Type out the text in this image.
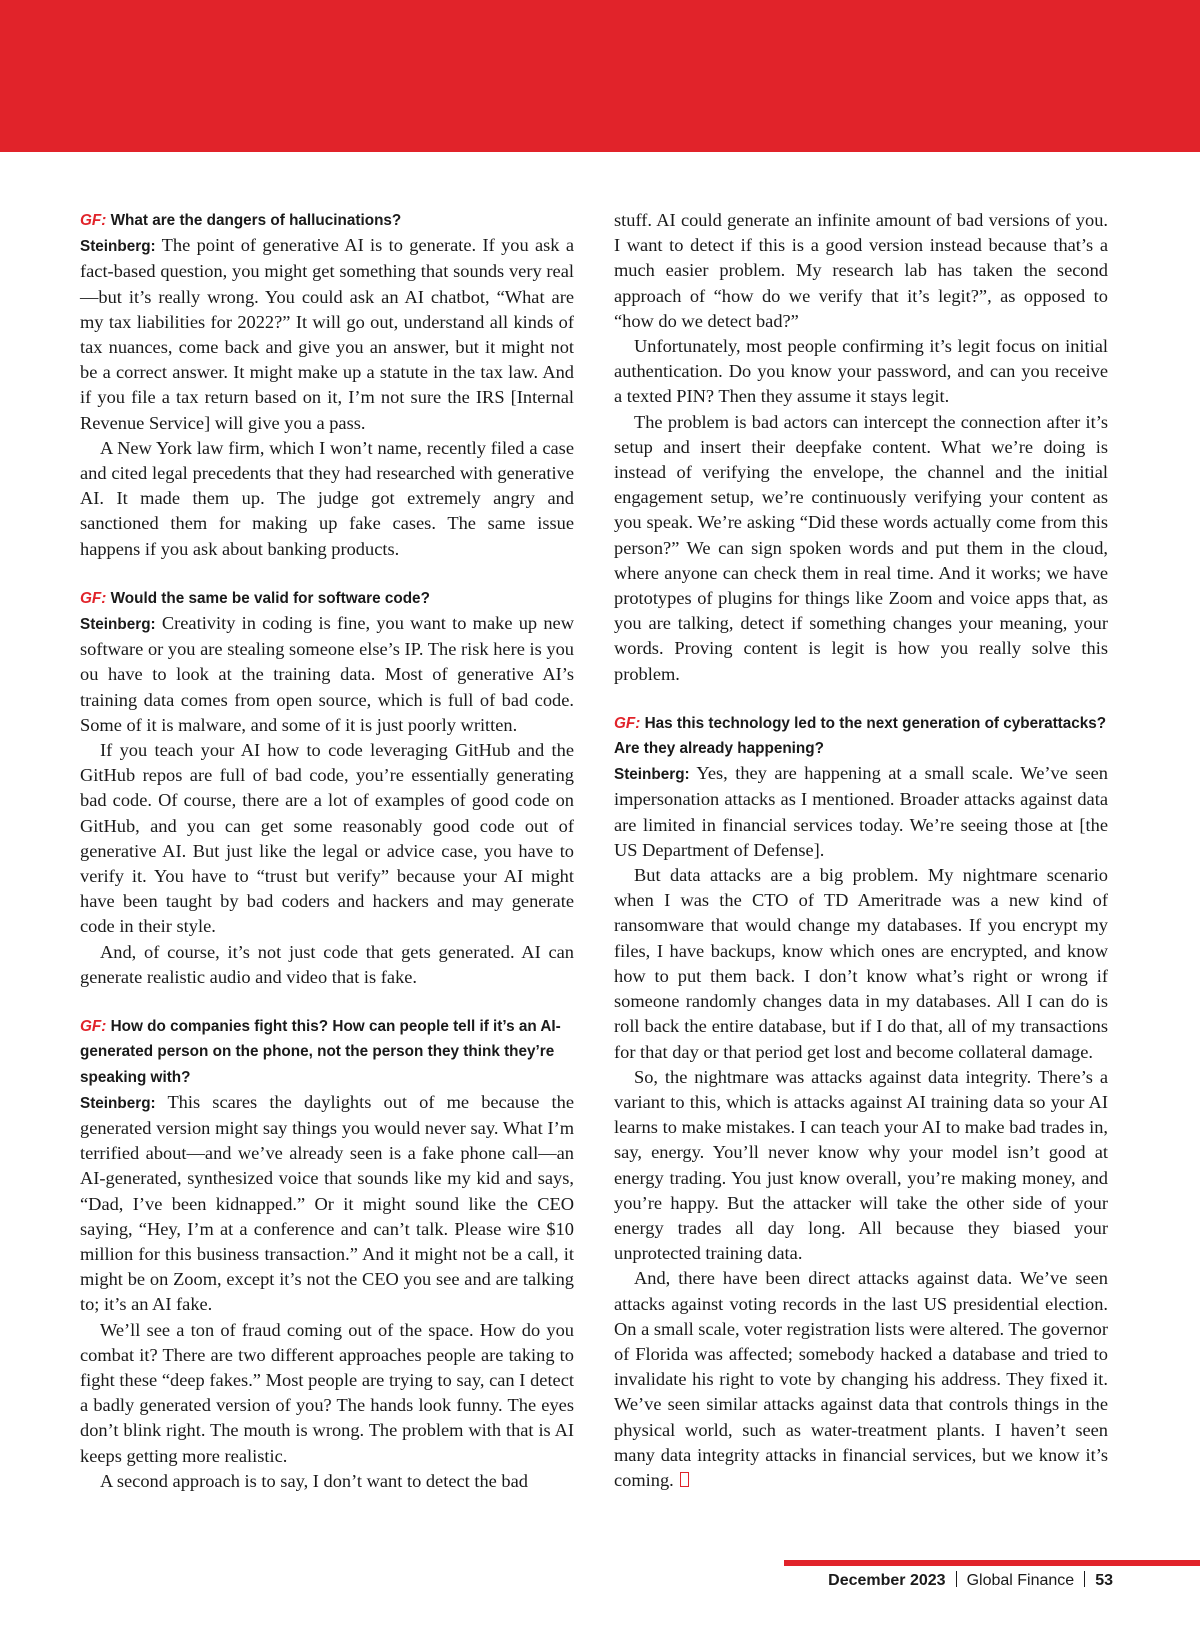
GF: What are the dangers of hallucinations?

Steinberg: The point of generative AI is to generate. If you ask a fact-based question, you might get something that sounds very real—but it’s really wrong. You could ask an AI chatbot, “What are my tax liabilities for 2022?” It will go out, understand all kinds of tax nuances, come back and give you an answer, but it might not be a correct answer. It might make up a statute in the tax law. And if you file a tax return based on it, I’m not sure the IRS [Internal Revenue Service] will give you a pass.

A New York law firm, which I won’t name, recently filed a case and cited legal precedents that they had researched with generative AI. It made them up. The judge got extremely angry and sanctioned them for making up fake cases. The same issue happens if you ask about banking products.

GF: Would the same be valid for software code?

Steinberg: Creativity in coding is fine, you want to make up new software or you are stealing someone else’s IP. The risk here is you ou have to look at the training data. Most of generative AI’s training data comes from open source, which is full of bad code. Some of it is malware, and some of it is just poorly written.

If you teach your AI how to code leveraging GitHub and the GitHub repos are full of bad code, you’re essentially generating bad code. Of course, there are a lot of examples of good code on GitHub, and you can get some reasonably good code out of generative AI. But just like the legal or advice case, you have to verify it. You have to “trust but verify” because your AI might have been taught by bad coders and hackers and may generate code in their style.

And, of course, it’s not just code that gets generated. AI can generate realistic audio and video that is fake.

GF: How do companies fight this? How can people tell if it’s an AI-generated person on the phone, not the person they think they’re speaking with?

Steinberg: This scares the daylights out of me because the generated version might say things you would never say. What I’m terrified about—and we’ve already seen is a fake phone call—an AI-generated, synthesized voice that sounds like my kid and says, “Dad, I’ve been kidnapped.” Or it might sound like the CEO saying, “Hey, I’m at a conference and can’t talk. Please wire $10 million for this business transaction.” And it might not be a call, it might be on Zoom, except it’s not the CEO you see and are talking to; it’s an AI fake.

We’ll see a ton of fraud coming out of the space. How do you combat it? There are two different approaches people are taking to fight these “deep fakes.” Most people are trying to say, can I detect a badly generated version of you? The hands look funny. The eyes don’t blink right. The mouth is wrong. The problem with that is AI keeps getting more realistic.

A second approach is to say, I don’t want to detect the bad

stuff. AI could generate an infinite amount of bad versions of you. I want to detect if this is a good version instead because that’s a much easier problem. My research lab has taken the second approach of “how do we verify that it’s legit?”, as opposed to “how do we detect bad?”

Unfortunately, most people confirming it’s legit focus on initial authentication. Do you know your password, and can you receive a texted PIN? Then they assume it stays legit.

The problem is bad actors can intercept the connection after it’s setup and insert their deepfake content. What we’re doing is instead of verifying the envelope, the channel and the initial engagement setup, we’re continuously verifying your content as you speak. We’re asking “Did these words actually come from this person?” We can sign spoken words and put them in the cloud, where anyone can check them in real time. And it works; we have prototypes of plugins for things like Zoom and voice apps that, as you are talking, detect if something changes your meaning, your words. Proving content is legit is how you really solve this problem.

GF: Has this technology led to the next generation of cyberattacks? Are they already happening?

Steinberg: Yes, they are happening at a small scale. We’ve seen impersonation attacks as I mentioned. Broader attacks against data are limited in financial services today. We’re seeing those at [the US Department of Defense].

But data attacks are a big problem. My nightmare scenario when I was the CTO of TD Ameritrade was a new kind of ransomware that would change my databases. If you encrypt my files, I have backups, know which ones are encrypted, and know how to put them back. I don’t know what’s right or wrong if someone randomly changes data in my databases. All I can do is roll back the entire database, but if I do that, all of my transactions for that day or that period get lost and become collateral damage.

So, the nightmare was attacks against data integrity. There’s a variant to this, which is attacks against AI training data so your AI learns to make mistakes. I can teach your AI to make bad trades in, say, energy. You’ll never know why your model isn’t good at energy trading. You just know overall, you’re making money, and you’re happy. But the attacker will take the other side of your energy trades all day long. All because they biased your unprotected training data.

And, there have been direct attacks against data. We’ve seen attacks against voting records in the last US presidential election. On a small scale, voter registration lists were altered. The governor of Florida was affected; somebody hacked a database and tried to invalidate his right to vote by changing his address. They fixed it. We’ve seen similar attacks against data that controls things in the physical world, such as water-treatment plants. I haven’t seen many data integrity attacks in financial services, but we know it’s coming.

December 2023 Global Finance 53
